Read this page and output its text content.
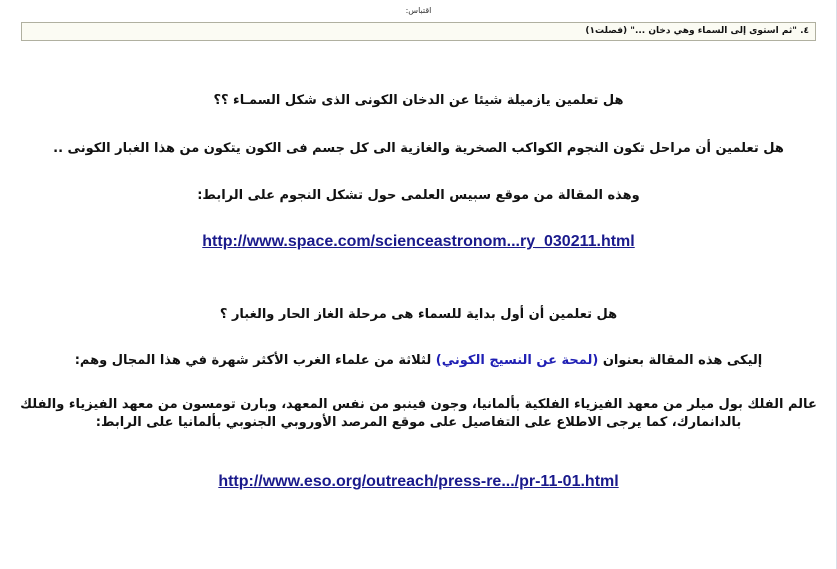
اقتباس:
٤. "ثم استوى إلى السماء وهي دخان ..." (فصلت١)
هل تعلمين يازميلة شيئا عن الدخان الكونى الذى شكل السمـاء ؟؟
هل تعلمين أن مراحل تكون النجوم الكواكب الصخرية والغازية الى كل جسم فى الكون يتكون من هذا الغبار الكونى ..
وهذه المقالة من موقع سبيس العلمى حول تشكل النجوم على الرابط:
http://www.space.com/scienceastronom...ry_030211.html
هل تعلمين أن أول بداية للسماء هى مرحلة الغاز الحار والغبار ؟
إليكى هذه المقالة بعنوان (لمحة عن النسيج الكوني) لثلاثة من علماء الغرب الأكثر شهرة في هذا المجال وهم:
عالم الفلك بول ميلر من معهد الفيزياء الفلكية بألمانيا، وجون فينبو من نفس المعهد، وبارن تومسون من معهد الفيزياء والفلك بالدانمارك، كما يرجى الاطلاع على التفاصيل على موقع المرصد الأوروبي الجنوبي بألمانيا على الرابط:
http://www.eso.org/outreach/press-re.../pr-11-01.html
